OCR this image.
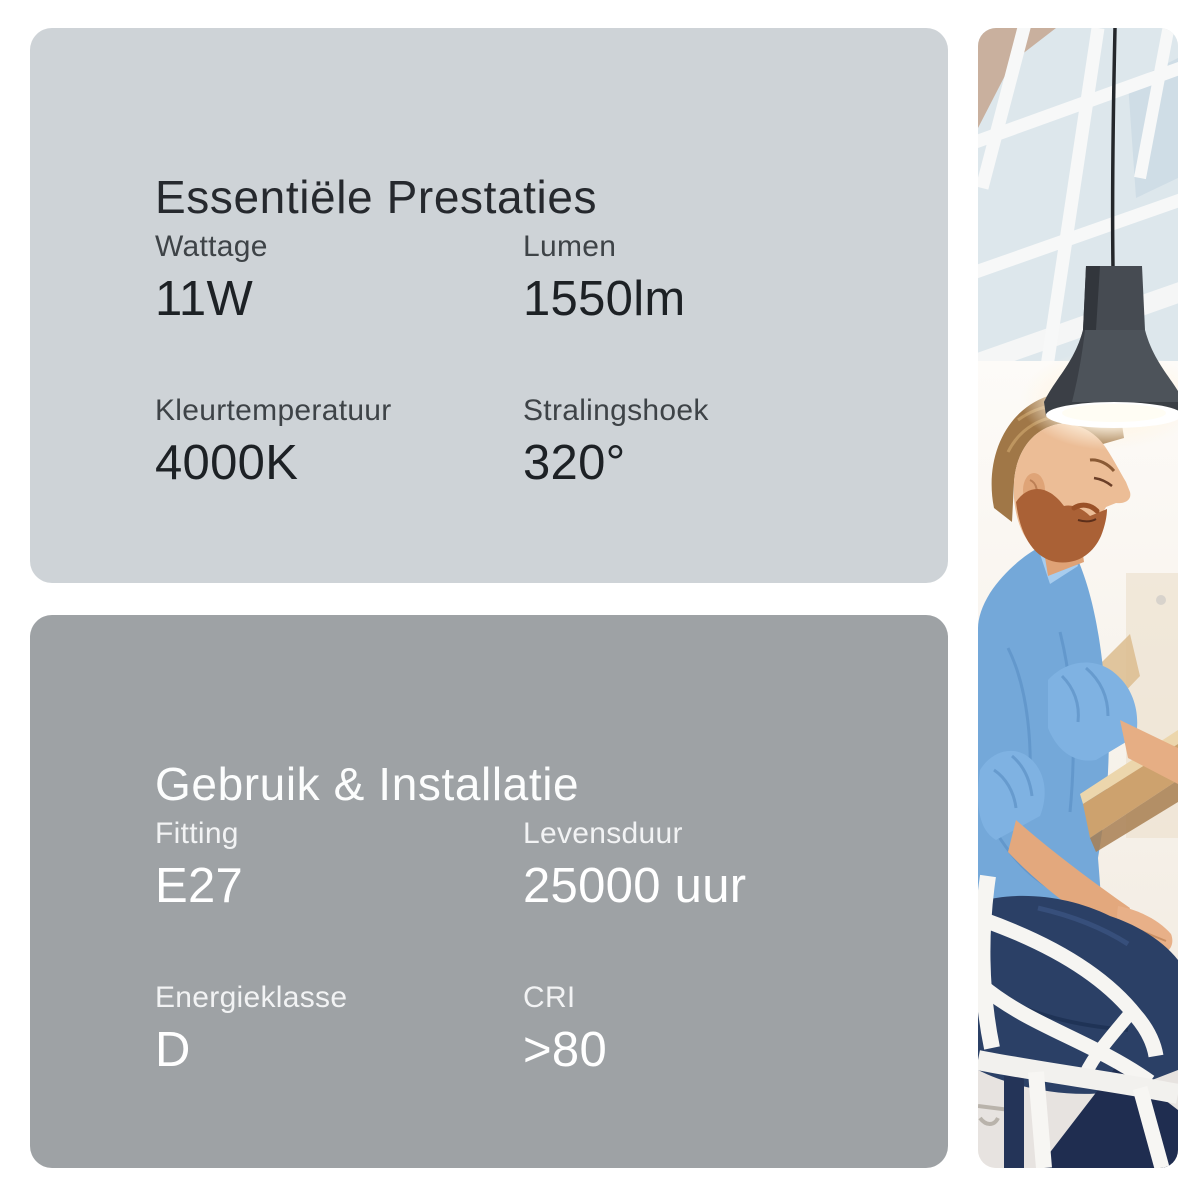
Essentiële Prestaties
Wattage
11W
Lumen
1550lm
Kleurtemperatuur
4000K
Stralingshoek
320°
Gebruik & Installatie
Fitting
E27
Levensduur
25000 uur
Energieklasse
D
CRI
>80
